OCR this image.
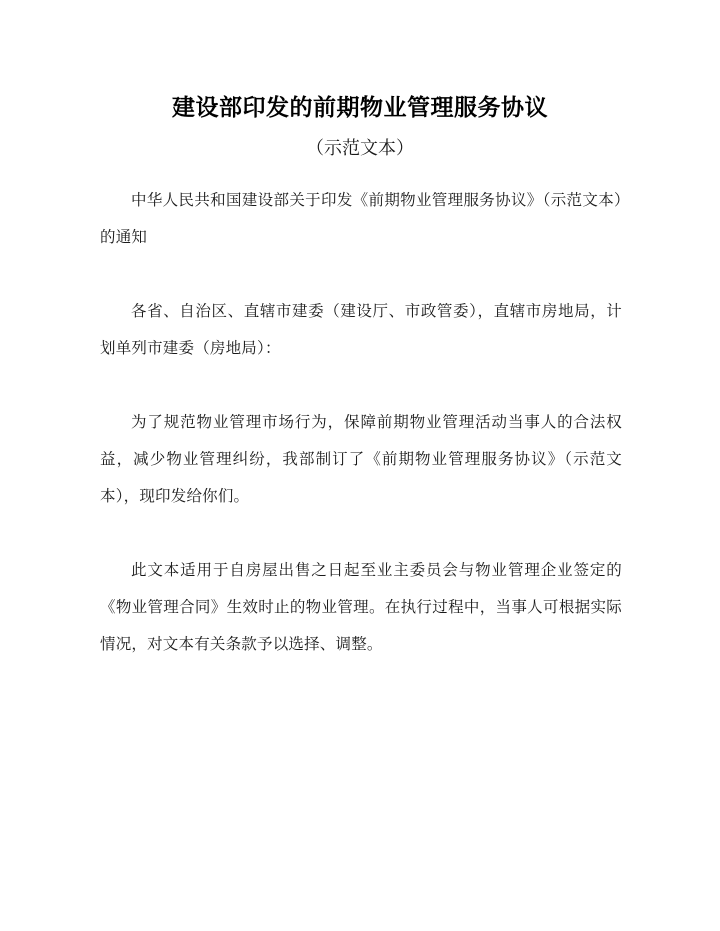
建设部印发的前期物业管理服务协议
（示范文本）

中华人民共和国建设部关于印发《前期物业管理服务协议》（示范文本）的通知

各省、自治区、直辖市建委（建设厅、市政管委），直辖市房地局，计划单列市建委（房地局）：

为了规范物业管理市场行为，保障前期物业管理活动当事人的合法权益，减少物业管理纠纷，我部制订了《前期物业管理服务协议》（示范文本），现印发给你们。

此文本适用于自房屋出售之日起至业主委员会与物业管理企业签定的《物业管理合同》生效时止的物业管理。在执行过程中，当事人可根据实际情况，对文本有关条款予以选择、调整。
